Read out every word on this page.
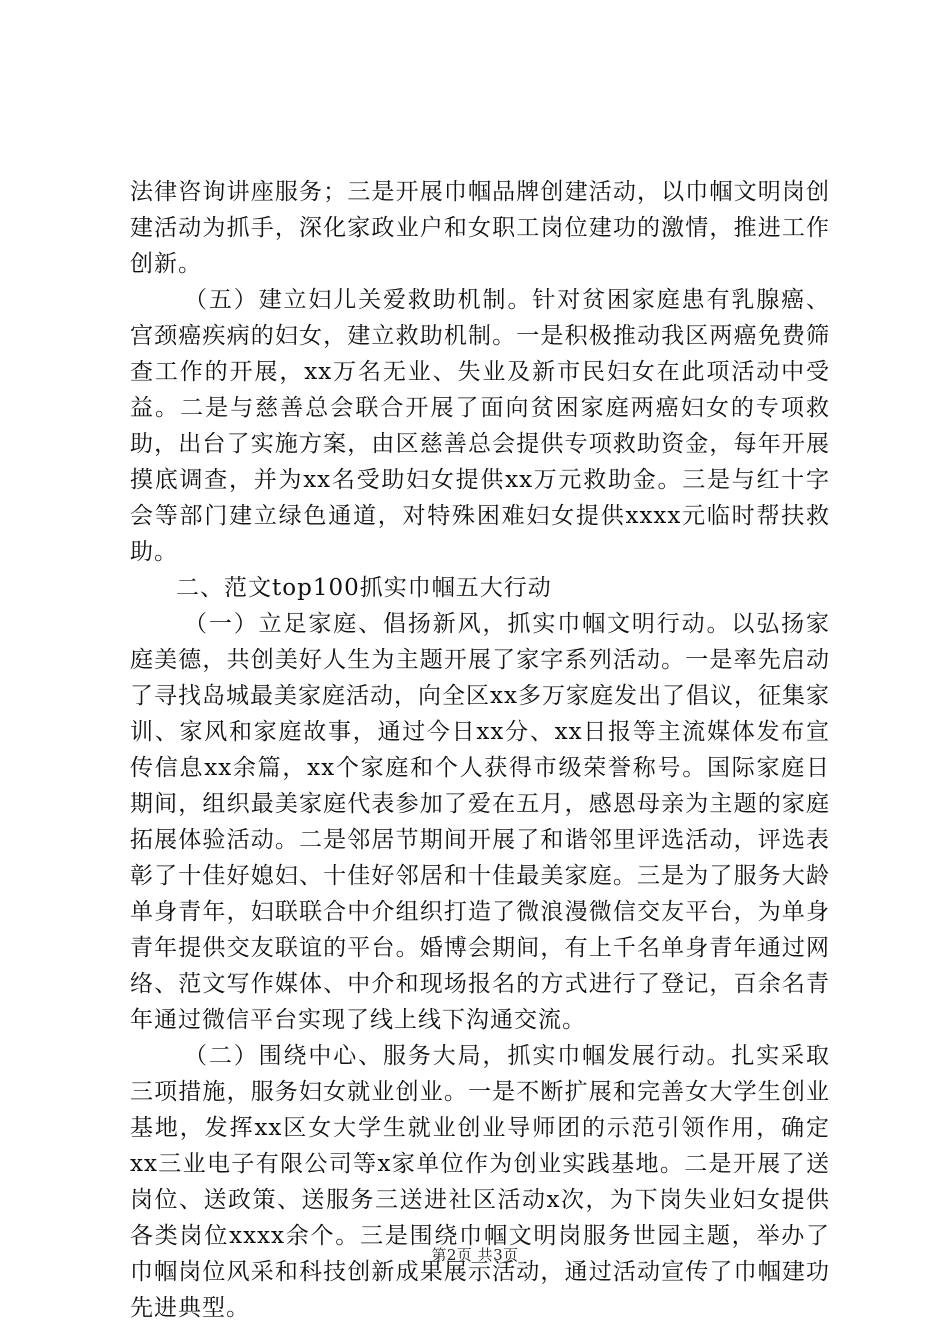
法律咨询讲座服务；三是开展巾帼品牌创建活动，以巾帼文明岗创建活动为抓手，深化家政业户和女职工岗位建功的激情，推进工作创新。

（五）建立妇儿关爱救助机制。针对贫困家庭患有乳腺癌、宫颈癌疾病的妇女，建立救助机制。一是积极推动我区两癌免费筛查工作的开展，xx万名无业、失业及新市民妇女在此项活动中受益。二是与慈善总会联合开展了面向贫困家庭两癌妇女的专项救助，出台了实施方案，由区慈善总会提供专项救助资金，每年开展摸底调查，并为xx名受助妇女提供xx万元救助金。三是与红十字会等部门建立绿色通道，对特殊困难妇女提供xxxx元临时帮扶救助。

二、范文top100抓实巾帼五大行动

（一）立足家庭、倡扬新风，抓实巾帼文明行动。以弘扬家庭美德，共创美好人生为主题开展了家字系列活动。一是率先启动了寻找岛城最美家庭活动，向全区xx多万家庭发出了倡议，征集家训、家风和家庭故事，通过今日xx分、xx日报等主流媒体发布宣传信息xx余篇，xx个家庭和个人获得市级荣誉称号。国际家庭日期间，组织最美家庭代表参加了爱在五月，感恩母亲为主题的家庭拓展体验活动。二是邻居节期间开展了和谐邻里评选活动，评选表彰了十佳好媳妇、十佳好邻居和十佳最美家庭。三是为了服务大龄单身青年，妇联联合中介组织打造了微浪漫微信交友平台，为单身青年提供交友联谊的平台。婚博会期间，有上千名单身青年通过网络、范文写作媒体、中介和现场报名的方式进行了登记，百余名青年通过微信平台实现了线上线下沟通交流。

（二）围绕中心、服务大局，抓实巾帼发展行动。扎实采取三项措施，服务妇女就业创业。一是不断扩展和完善女大学生创业基地，发挥xx区女大学生就业创业导师团的示范引领作用，确定xx三业电子有限公司等x家单位作为创业实践基地。二是开展了送岗位、送政策、送服务三送进社区活动x次，为下岗失业妇女提供各类岗位xxxx余个。三是围绕巾帼文明岗服务世园主题，举办了巾帼岗位风采和科技创新成果展示活动，通过活动宣传了巾帼建功先进典型。

第2页 共3页
